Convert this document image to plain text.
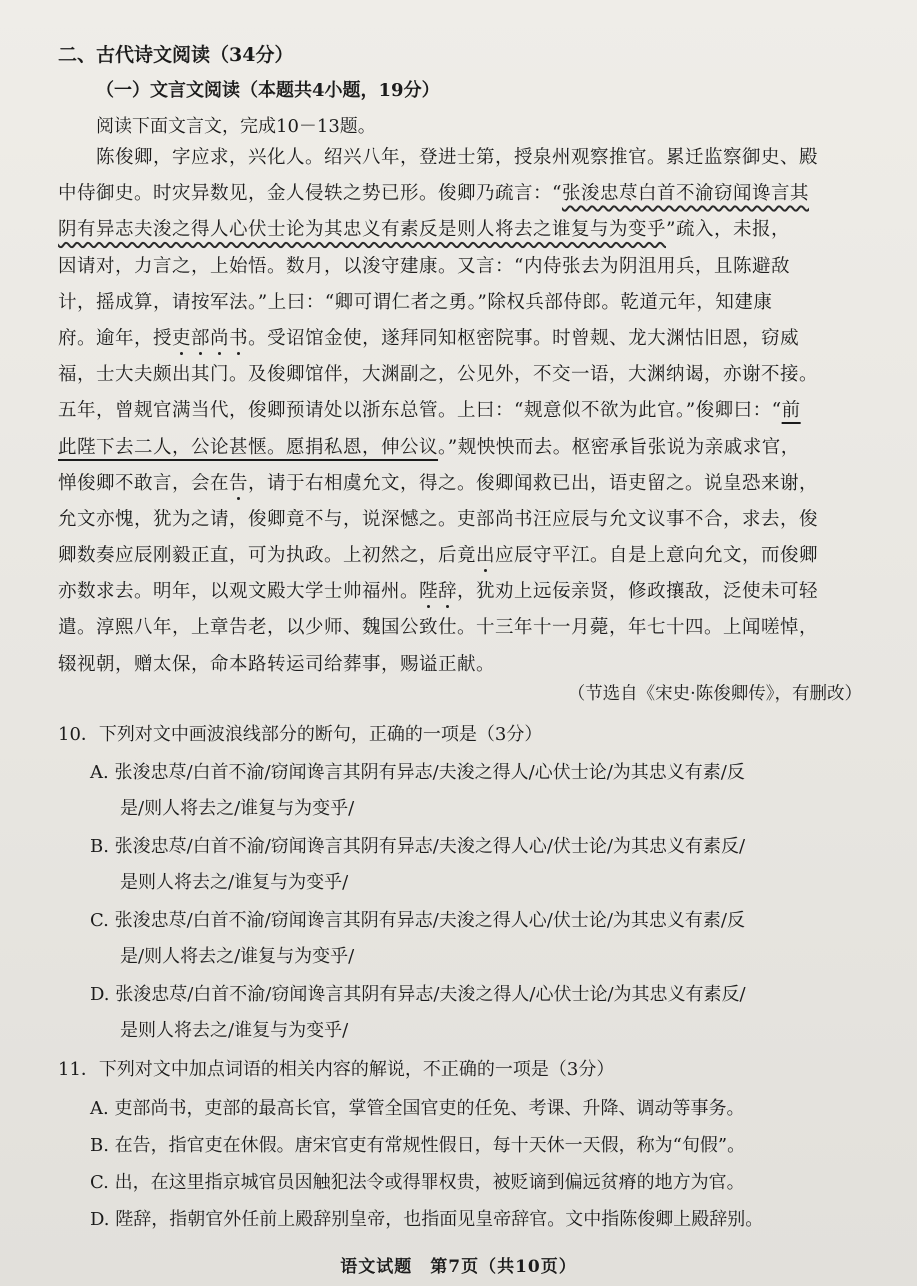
二、古代诗文阅读（34分）
（一）文言文阅读（本题共4小题，19分）
阅读下面文言文，完成10－13题。
陈俊卿，字应求，兴化人。绍兴八年，登进士第，授泉州观察推官。累迁监察御史、殿
中侍御史。时灾异数见，金人侵轶之势已形。俊卿乃疏言：“张浚忠荩白首不渝窃闻谗言其
阴有异志夫浚之得人心伏士论为其忠义有素反是则人将去之谁复与为变乎”疏入，未报，
因请对，力言之，上始悟。数月，以浚守建康。又言：“内侍张去为阴沮用兵，且陈避敌
计，摇成算，请按军法。”上曰：“卿可谓仁者之勇。”除权兵部侍郎。乾道元年，知建康
府。逾年，授吏部尚书。受诏馆金使，遂拜同知枢密院事。时曾觌、龙大渊怙旧恩，窃威
福，士大夫颇出其门。及俊卿馆伴，大渊副之，公见外，不交一语，大渊纳谒，亦谢不接。
五年，曾觌官满当代，俊卿预请处以浙东总管。上曰：“觌意似不欲为此官。”俊卿曰：“前
此陛下去二人，公论甚惬。愿捐私恩，伸公议。”觌怏怏而去。枢密承旨张说为亲戚求官，
惮俊卿不敢言，会在告，请于右相虞允文，得之。俊卿闻救已出，语吏留之。说皇恐来谢，
允文亦愧，犹为之请，俊卿竟不与，说深憾之。吏部尚书汪应辰与允文议事不合，求去，俊
卿数奏应辰刚毅正直，可为执政。上初然之，后竟出应辰守平江。自是上意向允文，而俊卿
亦数求去。明年，以观文殿大学士帅福州。陛辞，犹劝上远佞亲贤，修政攘敌，泛使未可轻
遣。淳熙八年，上章告老，以少师、魏国公致仕。十三年十一月薨，年七十四。上闻嗟悼，
辍视朝，赠太保，命本路转运司给葬事，赐谥正献。
（节选自《宋史·陈俊卿传》，有删改）
10．下列对文中画波浪线部分的断句，正确的一项是（3分）
A. 张浚忠荩/白首不渝/窃闻谗言其阴有异志/夫浚之得人/心伏士论/为其忠义有素/反
是/则人将去之/谁复与为变乎/
B. 张浚忠荩/白首不渝/窃闻谗言其阴有异志/夫浚之得人心/伏士论/为其忠义有素反/
是则人将去之/谁复与为变乎/
C. 张浚忠荩/白首不渝/窃闻谗言其阴有异志/夫浚之得人心/伏士论/为其忠义有素/反
是/则人将去之/谁复与为变乎/
D. 张浚忠荩/白首不渝/窃闻谗言其阴有异志/夫浚之得人/心伏士论/为其忠义有素反/
是则人将去之/谁复与为变乎/
11．下列对文中加点词语的相关内容的解说，不正确的一项是（3分）
A. 吏部尚书，吏部的最高长官，掌管全国官吏的任免、考课、升降、调动等事务。
B. 在告，指官吏在休假。唐宋官吏有常规性假日，每十天休一天假，称为“旬假”。
C. 出，在这里指京城官员因触犯法令或得罪权贵，被贬谪到偏远贫瘠的地方为官。
D. 陛辞，指朝官外任前上殿辞别皇帝，也指面见皇帝辞官。文中指陈俊卿上殿辞别。
语文试题　第7页（共10页）
